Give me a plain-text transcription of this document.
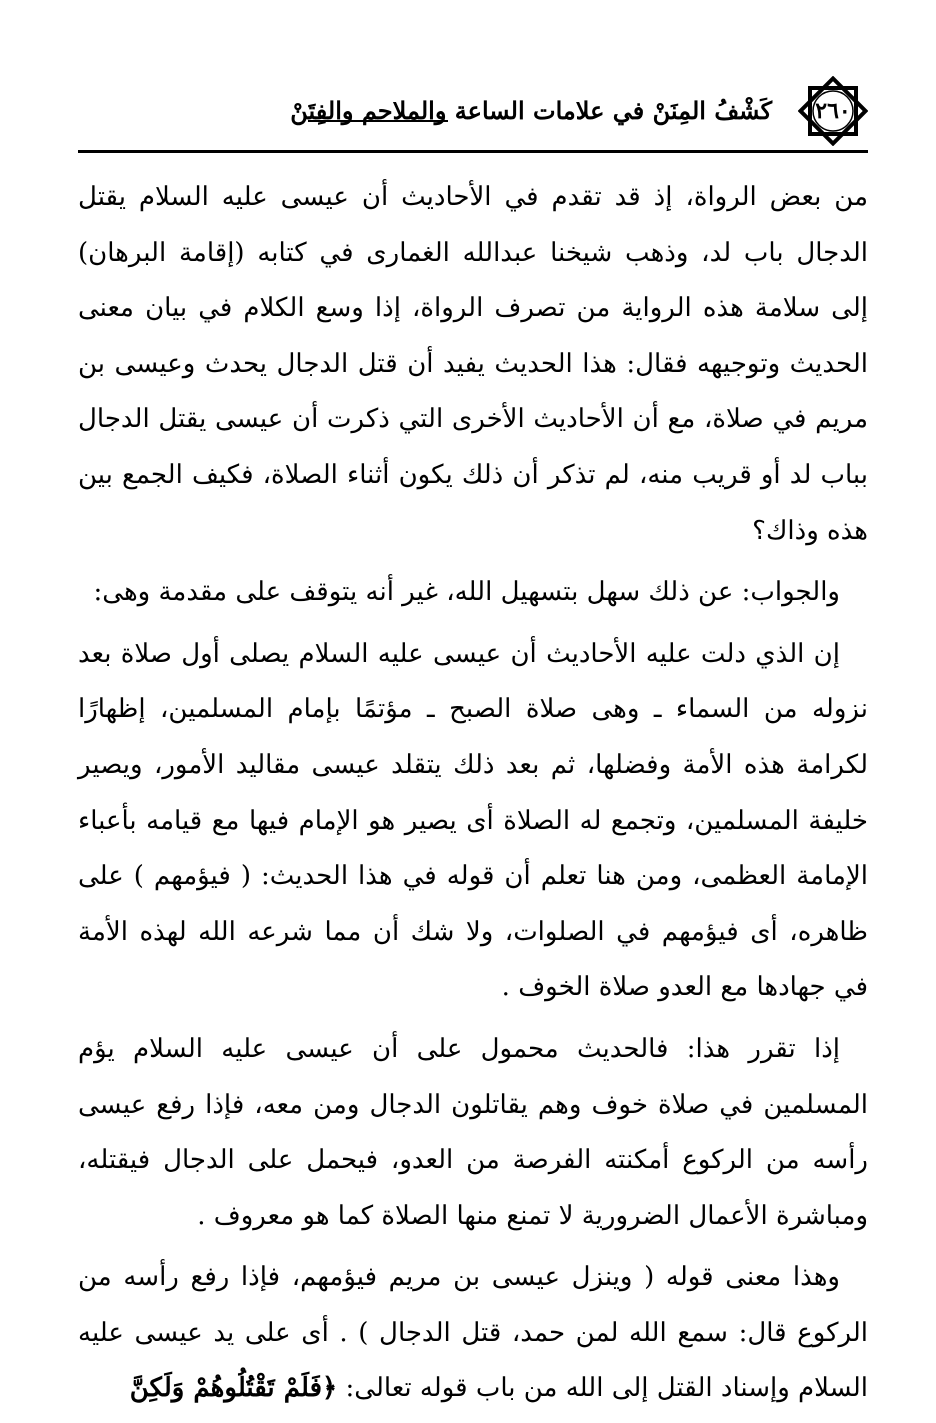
٢٦٠
كَشْفُ المِنَنْ في علامات الساعة والملاحم والفِتَنْ

من بعض الرواة، إذ قد تقدم في الأحاديث أن عيسى عليه السلام يقتل الدجال باب لد، وذهب شيخنا عبدالله الغمارى في كتابه (إقامة البرهان) إلى سلامة هذه الرواية من تصرف الرواة، إذا وسع الكلام في بيان معنى الحديث وتوجيهه فقال: هذا الحديث يفيد أن قتل الدجال يحدث وعيسى بن مريم في صلاة، مع أن الأحاديث الأخرى التي ذكرت أن عيسى يقتل الدجال بباب لد أو قريب منه، لم تذكر أن ذلك يكون أثناء الصلاة، فكيف الجمع بين هذه وذاك؟

والجواب: عن ذلك سهل بتسهيل الله، غير أنه يتوقف على مقدمة وهى:

إن الذي دلت عليه الأحاديث أن عيسى عليه السلام يصلى أول صلاة بعد نزوله من السماء ـ وهى صلاة الصبح ـ مؤتمًا بإمام المسلمين، إظهارًا لكرامة هذه الأمة وفضلها، ثم بعد ذلك يتقلد عيسى مقاليد الأمور، ويصير خليفة المسلمين، وتجمع له الصلاة أى يصير هو الإمام فيها مع قيامه بأعباء الإمامة العظمى، ومن هنا تعلم أن قوله في هذا الحديث: ( فيؤمهم ) على ظاهره، أى فيؤمهم في الصلوات، ولا شك أن مما شرعه الله لهذه الأمة في جهادها مع العدو صلاة الخوف .

إذا تقرر هذا: فالحديث محمول على أن عيسى عليه السلام يؤم المسلمين في صلاة خوف وهم يقاتلون الدجال ومن معه، فإذا رفع عيسى رأسه من الركوع أمكنته الفرصة من العدو، فيحمل على الدجال فيقتله، ومباشرة الأعمال الضرورية لا تمنع منها الصلاة كما هو معروف .

وهذا معنى قوله ( وينزل عيسى بن مريم فيؤمهم، فإذا رفع رأسه من الركوع قال: سمع الله لمن حمد، قتل الدجال ) . أى على يد عيسى عليه السلام وإسناد القتل إلى الله من باب قوله تعالى: ﴿فَلَمْ تَقْتُلُوهُمْ وَلَكِنَّ
